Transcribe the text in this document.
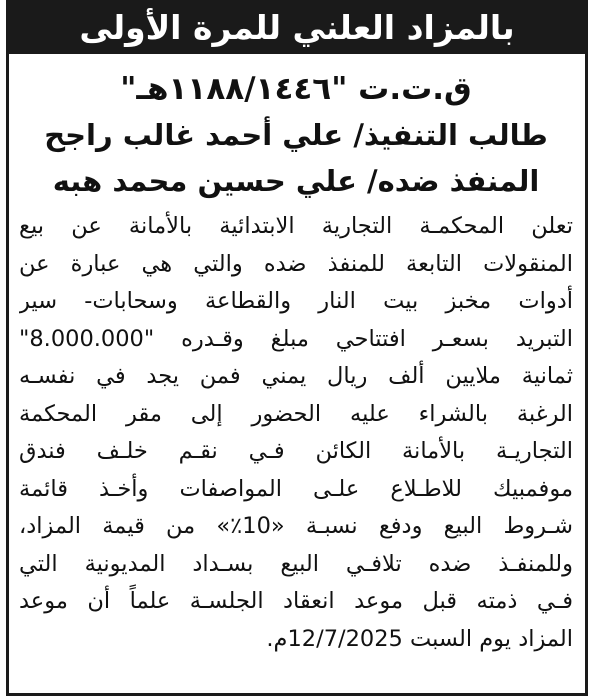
بالمزاد العلني للمرة الأولى

ق.ت.ت "١١٨٨/١٤٤٦هـ"

طالب التنفيذ/ علي أحمد غالب راجح

المنفذ ضده/ علي حسين محمد هبه

تعلن المحكمـة التجارية الابتدائية بالأمانة عن بيع
المنقولات التابعة للمنفذ ضده والتي هي عبارة عن
أدوات مخبز بيت النار والقطاعة وسحابات- سير
التبريد بسعـر افتتاحي مبلغ وقـدره "8.000.000"
ثمانية ملايين ألف ريال يمني فمن يجد في نفسـه
الرغبة بالشراء عليه الحضور إلى مقر المحكمة
التجاريـة بالأمانة الكائن فـي نقـم خلـف فندق
موفمبيك للاطـلاع علـى المواصفات وأخـذ قائمة
شـروط البيع ودفع نسبـة «10٪» من قيمة المزاد،
وللمنفـذ ضده تلافـي البيع بسـداد المديونية التي
فـي ذمته قبل موعد انعقاد الجلسـة علماً أن موعد
المزاد يوم السبت 12/7/2025م.
